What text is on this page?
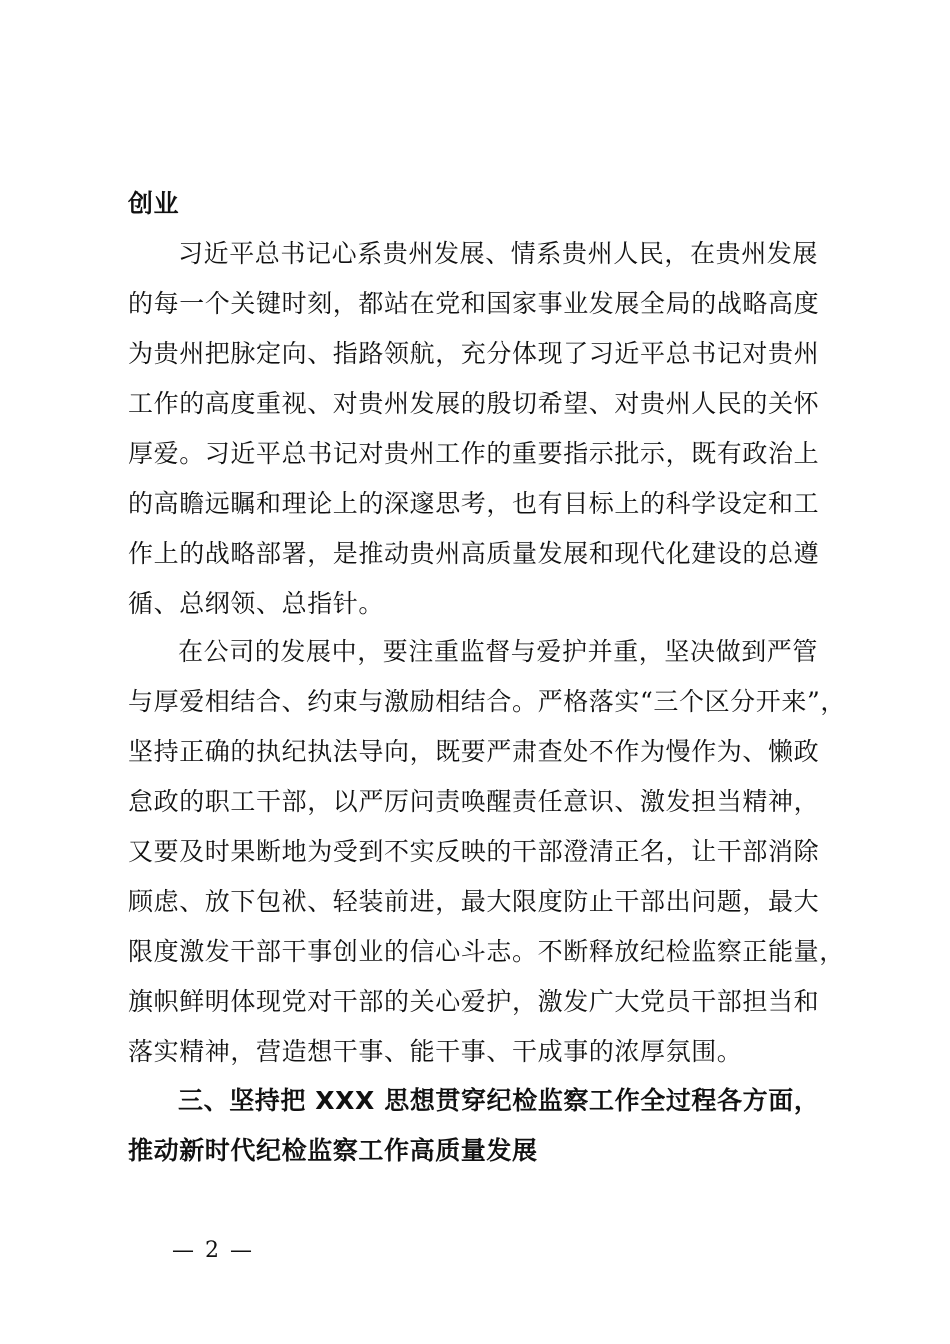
创业
习近平总书记心系贵州发展、情系贵州人民，在贵州发展
的每一个关键时刻，都站在党和国家事业发展全局的战略高度
为贵州把脉定向、指路领航，充分体现了习近平总书记对贵州
工作的高度重视、对贵州发展的殷切希望、对贵州人民的关怀
厚爱。习近平总书记对贵州工作的重要指示批示，既有政治上
的高瞻远瞩和理论上的深邃思考，也有目标上的科学设定和工
作上的战略部署，是推动贵州高质量发展和现代化建设的总遵
循、总纲领、总指针。
在公司的发展中，要注重监督与爱护并重，坚决做到严管
与厚爱相结合、约束与激励相结合。严格落实“三个区分开来”，
坚持正确的执纪执法导向，既要严肃查处不作为慢作为、懒政
怠政的职工干部，以严厉问责唤醒责任意识、激发担当精神，
又要及时果断地为受到不实反映的干部澄清正名，让干部消除
顾虑、放下包袱、轻装前进，最大限度防止干部出问题，最大
限度激发干部干事创业的信心斗志。不断释放纪检监察正能量，
旗帜鲜明体现党对干部的关心爱护，激发广大党员干部担当和
落实精神，营造想干事、能干事、干成事的浓厚氛围。
三、坚持把 XXX 思想贯穿纪检监察工作全过程各方面，
推动新时代纪检监察工作高质量发展
— 2 —
